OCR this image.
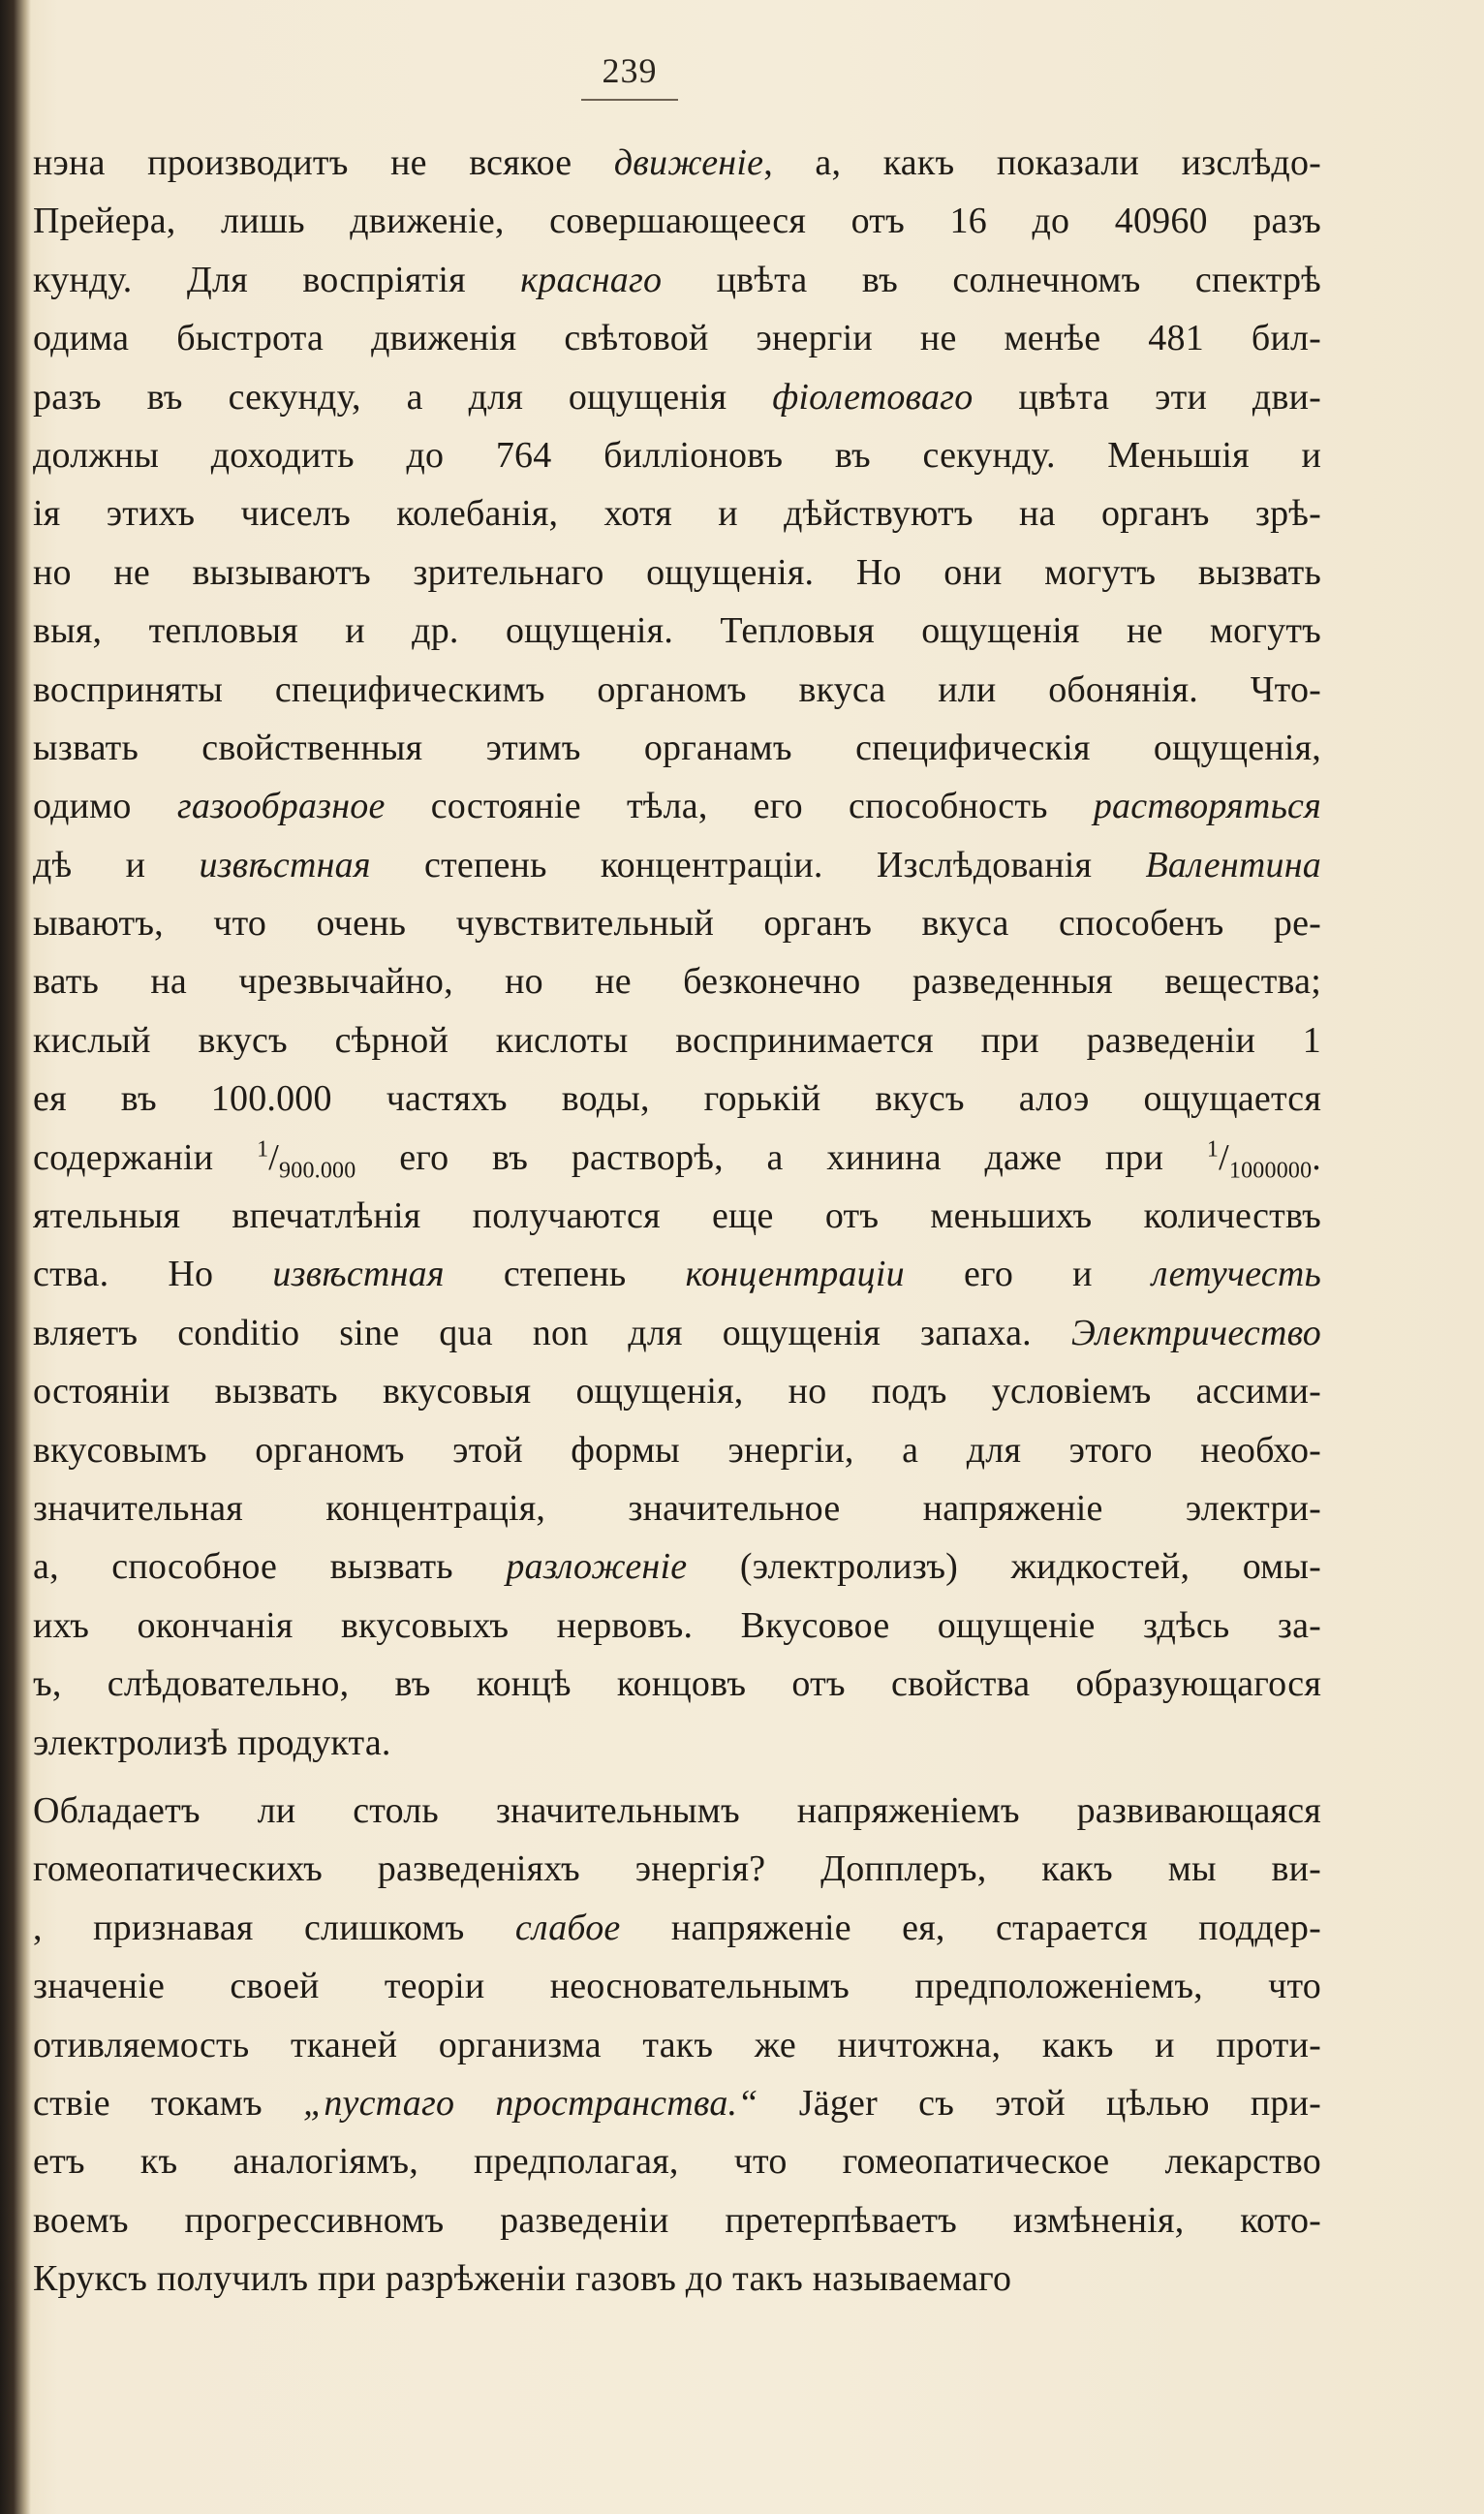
239
нэна производитъ не всякое движенiе, а, какъ показали изслѣдо-
Прейера, лишь движенiе, совершающееся отъ 16 до 40960 разъ
кунду. Для воспрiятiя краснаго цвѣта въ солнечномъ спектрѣ
одима быстрота движенiя свѣтовой энергiи не менѣе 481 бил-
разъ въ секунду, а для ощущенiя фiолетоваго цвѣта эти дви-
должны доходить до 764 биллiоновъ въ секунду. Меньшiя и
iя этихъ чиселъ колебанiя, хотя и дѣйствуютъ на органъ зрѣ-
но не вызываютъ зрительнаго ощущенiя. Но они могутъ вызвать
выя, тепловыя и др. ощущенiя. Тепловыя ощущенiя не могутъ
восприняты специфическимъ органомъ вкуса или обонянiя. Что-
ызвать свойственныя этимъ органамъ специфическiя ощущенiя,
одимо газообразное состоянiе тѣла, его способность растворяться
дѣ и извѣстная степень концентрацiи. Изслѣдованiя Валентина
ываютъ, что очень чувствительный органъ вкуса способенъ ре-
вать на чрезвычайно, но не безконечно разведенныя вещества;
кислый вкусъ сѣрной кислоты воспринимается при разведенiи 1
ея въ 100.000 частяхъ воды, горькiй вкусъ алоэ ощущается
содержанiи $^1/_{900.000}$ его въ растворѣ, а хинина даже при $^1/_{1000000}$.
ятельныя впечатлѣнiя получаются еще отъ меньшихъ количествъ
ства. Но извѣстная степень концентрацiи его и летучесть
вляетъ conditio sine qua non для ощущенiя запаха. Электричество
остоянiи вызвать вкусовыя ощущенiя, но подъ условiемъ ассими-
вкусовымъ органомъ этой формы энергiи, а для этого необхо-
значительная концентрацiя, значительное напряженiе электри-
а, способное вызвать разложенiе (электролизъ) жидкостей, омы-
ихъ окончанiя вкусовыхъ нервовъ. Вкусовое ощущенiе здѣсь за-
ъ, слѣдовательно, въ концѣ концовъ отъ свойства образующагося
электролизѣ продукта.
Обладаетъ ли столь значительнымъ напряженiемъ развивающаяся
гомеопатическихъ разведенiяхъ энергiя? Допплеръ, какъ мы ви-
, признавая слишкомъ слабое напряженiе ея, старается поддер-
значенiе своей теорiи неосновательнымъ предположенiемъ, что
отивляемость тканей организма такъ же ничтожна, какъ и проти-
ствiе токамъ „пустаго пространства.“ Jäger съ этой цѣлью при-
етъ къ аналогiямъ, предполагая, что гомеопатическое лекарство
воемъ прогрессивномъ разведенiи претерпѣваетъ измѣненiя, кото-
Круксъ получилъ при разрѣженiи газовъ до такъ называемаго
